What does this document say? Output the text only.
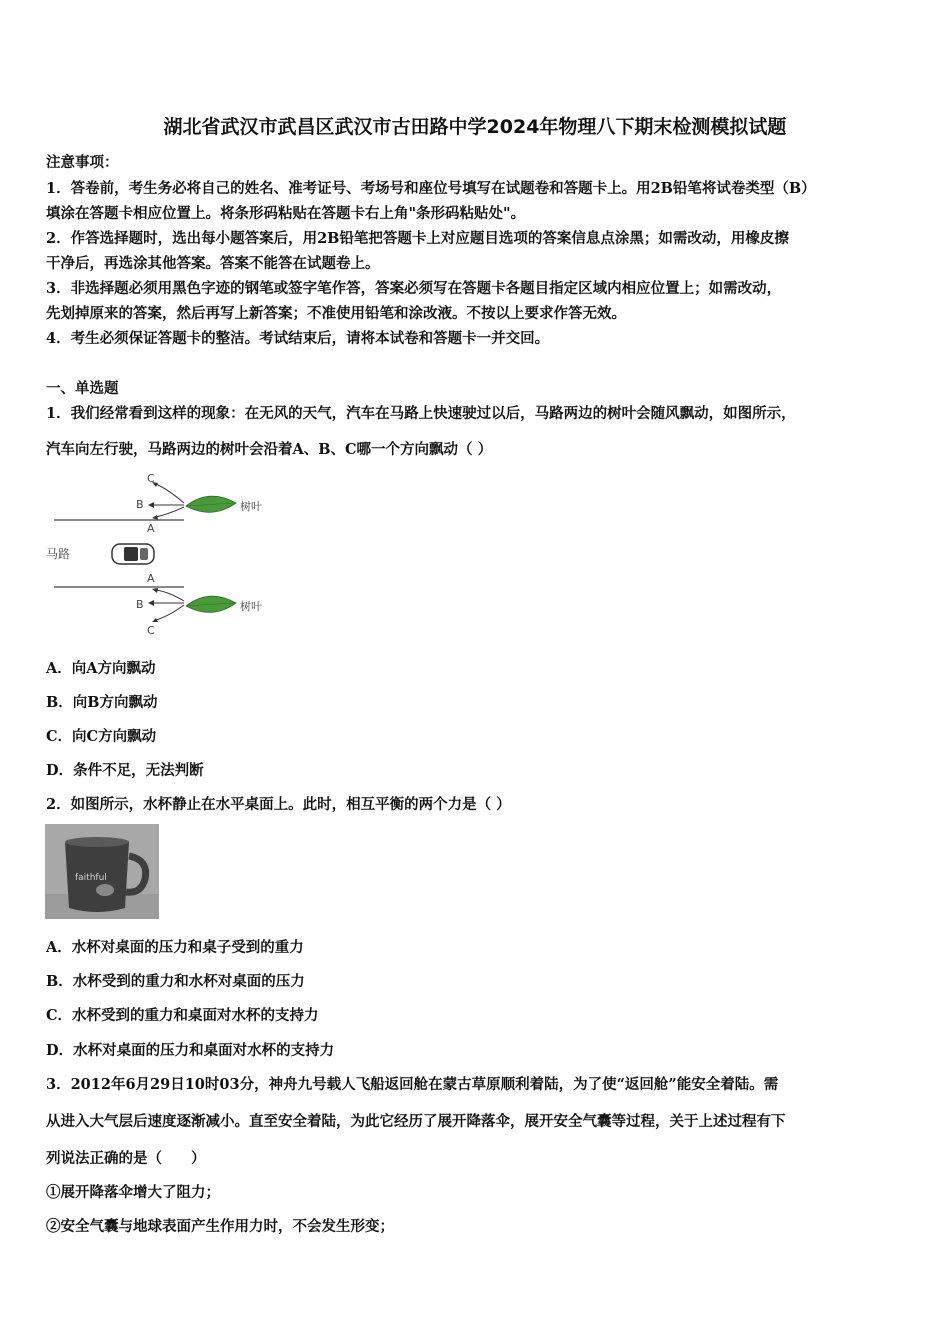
湖北省武汉市武昌区武汉市古田路中学2024年物理八下期末检测模拟试题
注意事项：
1．答卷前，考生务必将自己的姓名、准考证号、考场号和座位号填写在试题卷和答题卡上。用2B铅笔将试卷类型（B）
填涂在答题卡相应位置上。将条形码粘贴在答题卡右上角"条形码粘贴处"。
2．作答选择题时，选出每小题答案后，用2B铅笔把答题卡上对应题目选项的答案信息点涂黑；如需改动，用橡皮擦
干净后，再选涂其他答案。答案不能答在试题卷上。
3．非选择题必须用黑色字迹的钢笔或签字笔作答，答案必须写在答题卡各题目指定区域内相应位置上；如需改动，
先划掉原来的答案，然后再写上新答案；不准使用铅笔和涂改液。不按以上要求作答无效。
4．考生必须保证答题卡的整洁。考试结束后，请将本试卷和答题卡一并交回。
一、单选题
1．我们经常看到这样的现象：在无风的天气，汽车在马路上快速驶过以后，马路两边的树叶会随风飘动，如图所示，
汽车向左行驶，马路两边的树叶会沿着A、B、C哪一个方向飘动（ ）
马路
C
B
A
A
B
C
树叶
树叶
A．向A方向飘动
B．向B方向飘动
C．向C方向飘动
D．条件不足，无法判断
2．如图所示，水杯静止在水平桌面上。此时，相互平衡的两个力是（ ）
faithful
A．水杯对桌面的压力和桌子受到的重力
B．水杯受到的重力和水杯对桌面的压力
C．水杯受到的重力和桌面对水杯的支持力
D．水杯对桌面的压力和桌面对水杯的支持力
3．2012年6月29日10时03分，神舟九号载人飞船返回舱在蒙古草原顺利着陆，为了使“返回舱”能安全着陆。需
从进入大气层后速度逐渐减小。直至安全着陆，为此它经历了展开降落伞，展开安全气囊等过程，关于上述过程有下
列说法正确的是（　　）
①展开降落伞增大了阻力；
②安全气囊与地球表面产生作用力时，不会发生形变；
